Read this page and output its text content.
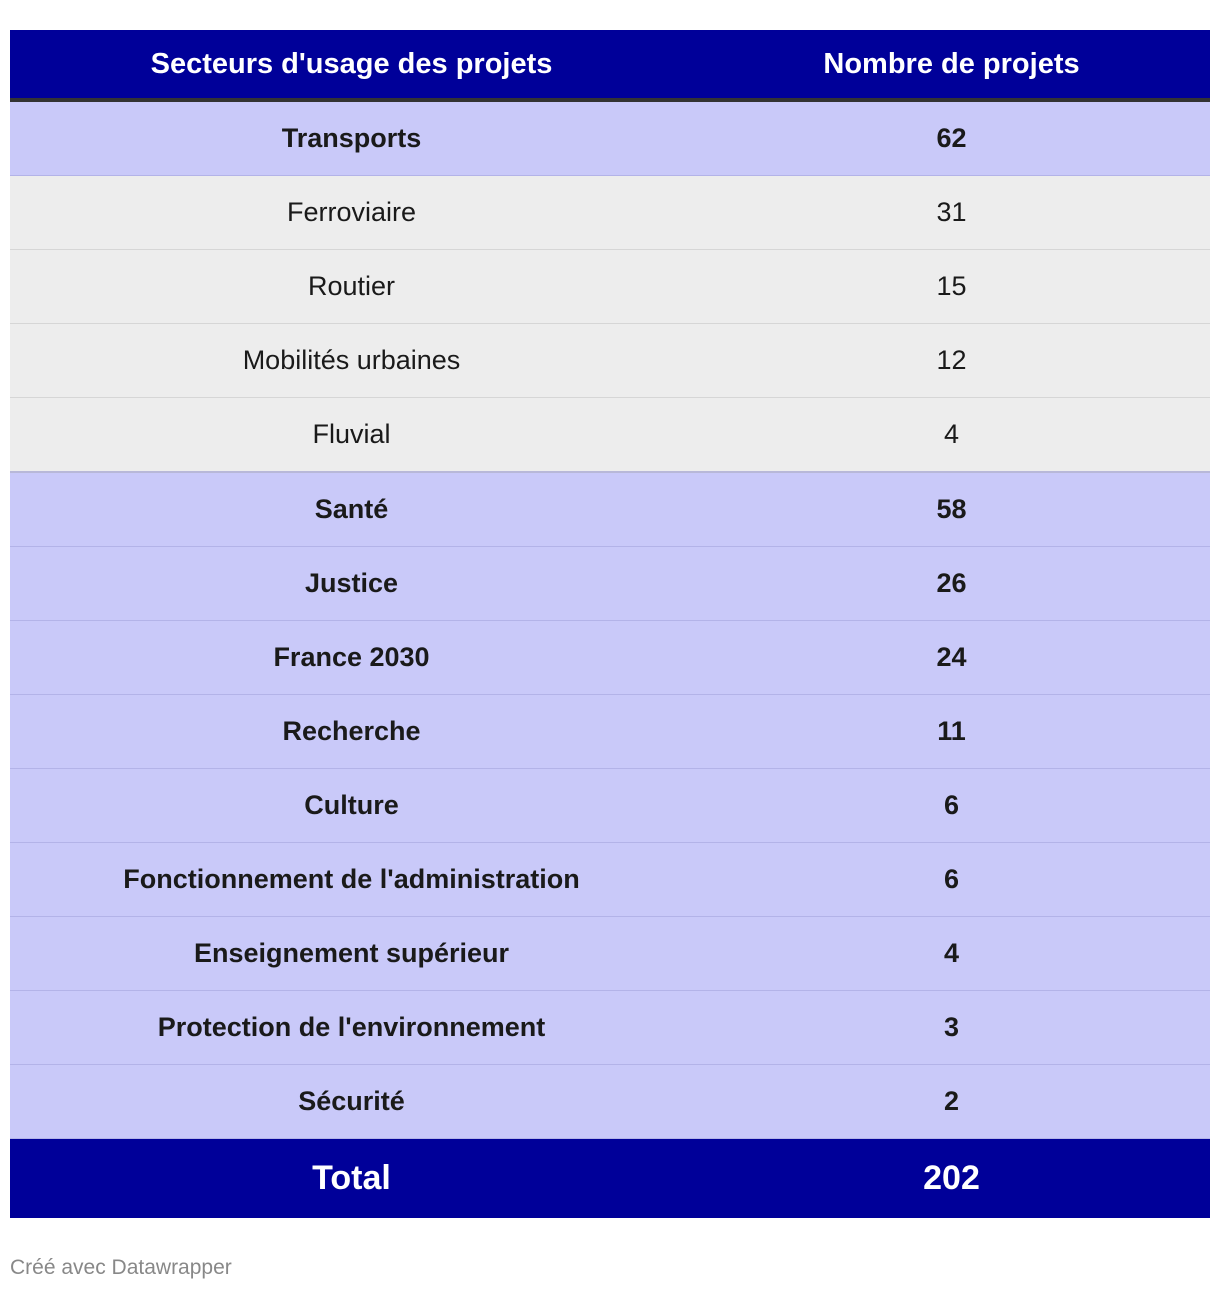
Secteurs d'usage des projets	Nombre de projets
Transports	62
Ferroviaire	31
Routier	15
Mobilités urbaines	12
Fluvial	4
Santé	58
Justice	26
France 2030	24
Recherche	11
Culture	6
Fonctionnement de l'administration	6
Enseignement supérieur	4
Protection de l'environnement	3
Sécurité	2
Total	202
Créé avec Datawrapper
